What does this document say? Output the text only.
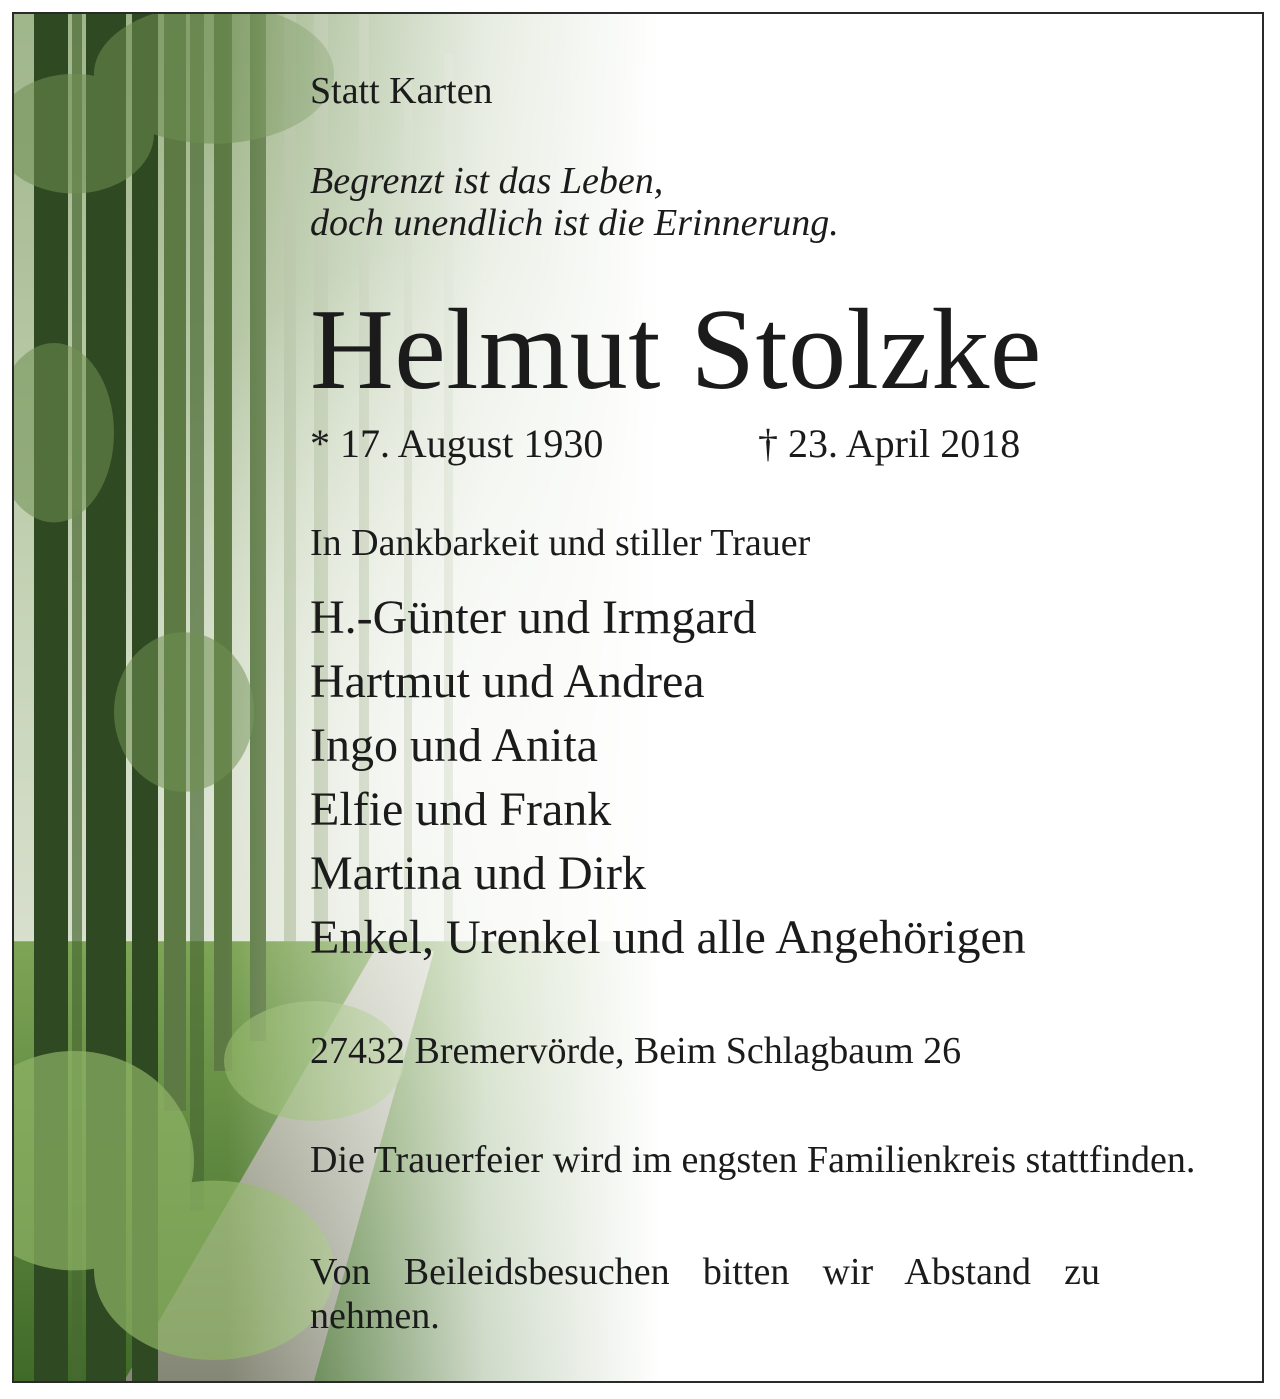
Statt Karten
Begrenzt ist das Leben,
doch unendlich ist die Erinnerung.
Helmut Stolzke
* 17. August 1930	† 23. April 2018
In Dankbarkeit und stiller Trauer
H.-Günter und Irmgard
Hartmut und Andrea
Ingo und Anita
Elfie und Frank
Martina und Dirk
Enkel, Urenkel und alle Angehörigen
27432 Bremervörde, Beim Schlagbaum 26
Die Trauerfeier wird im engsten Familienkreis stattfinden.
Von Beileidsbesuchen bitten wir Abstand zu nehmen.
